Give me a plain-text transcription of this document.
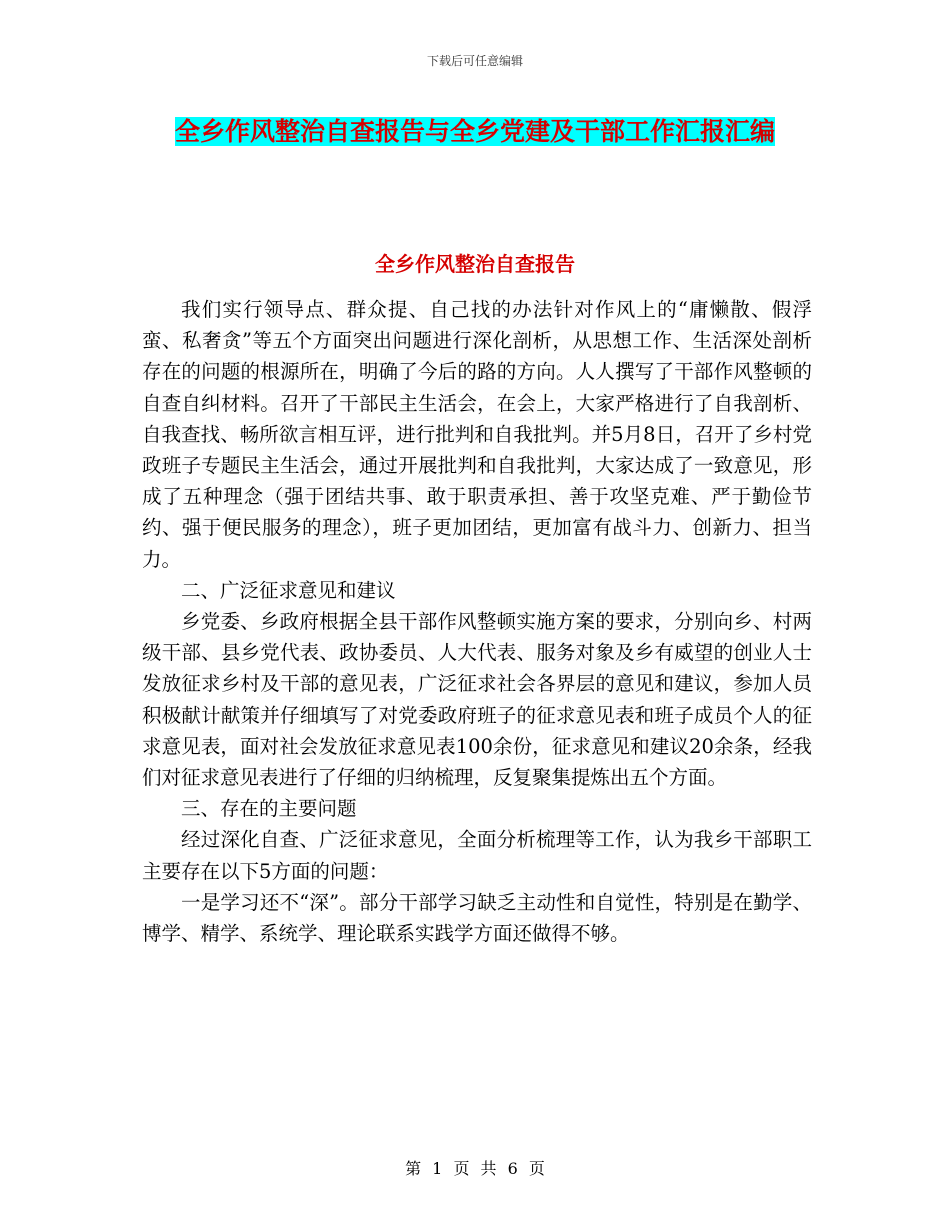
下载后可任意编辑
全乡作风整治自查报告与全乡党建及干部工作汇报汇编
全乡作风整治自查报告

我们实行领导点、群众提、自己找的办法针对作风上的“庸懒散、假浮蛮、私奢贪”等五个方面突出问题进行深化剖析，从思想工作、生活深处剖析存在的问题的根源所在，明确了今后的路的方向。人人撰写了干部作风整顿的自查自纠材料。召开了干部民主生活会，在会上，大家严格进行了自我剖析、自我查找、畅所欲言相互评，进行批判和自我批判。并5月8日，召开了乡村党政班子专题民主生活会，通过开展批判和自我批判，大家达成了一致意见，形成了五种理念（强于团结共事、敢于职责承担、善于攻坚克难、严于勤俭节约、强于便民服务的理念），班子更加团结，更加富有战斗力、创新力、担当力。

二、广泛征求意见和建议

乡党委、乡政府根据全县干部作风整顿实施方案的要求，分别向乡、村两级干部、县乡党代表、政协委员、人大代表、服务对象及乡有威望的创业人士发放征求乡村及干部的意见表，广泛征求社会各界层的意见和建议，参加人员积极献计献策并仔细填写了对党委政府班子的征求意见表和班子成员个人的征求意见表，面对社会发放征求意见表100余份，征求意见和建议20余条，经我们对征求意见表进行了仔细的归纳梳理，反复聚集提炼出五个方面。

三、存在的主要问题

经过深化自查、广泛征求意见，全面分析梳理等工作，认为我乡干部职工主要存在以下5方面的问题：

一是学习还不“深”。部分干部学习缺乏主动性和自觉性，特别是在勤学、博学、精学、系统学、理论联系实践学方面还做得不够。

第 1 页 共 6 页
